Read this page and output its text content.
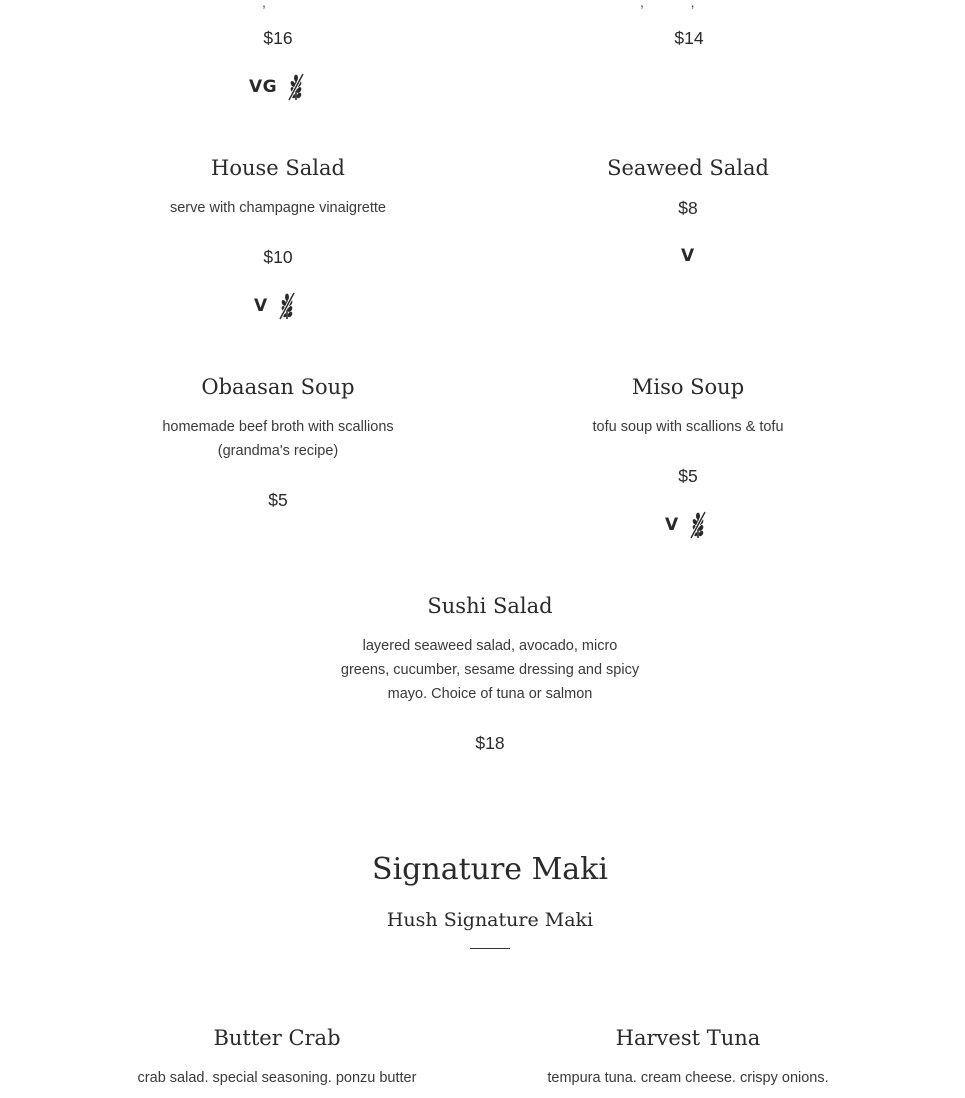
,	,            ,
$16	$14
VG
House Salad
serve with champagne vinaigrette
$10
V
Seaweed Salad
$8
V
Obaasan Soup
homemade beef broth with scallions
(grandma's recipe)
$5
Miso Soup
tofu soup with scallions & tofu
$5
V
Sushi Salad
layered seaweed salad, avocado, micro
greens, cucumber, sesame dressing and spicy
mayo. Choice of tuna or salmon
$18
Signature Maki
Hush Signature Maki
Butter Crab
crab salad. special seasoning. ponzu butter
Harvest Tuna
tempura tuna. cream cheese. crispy onions.
